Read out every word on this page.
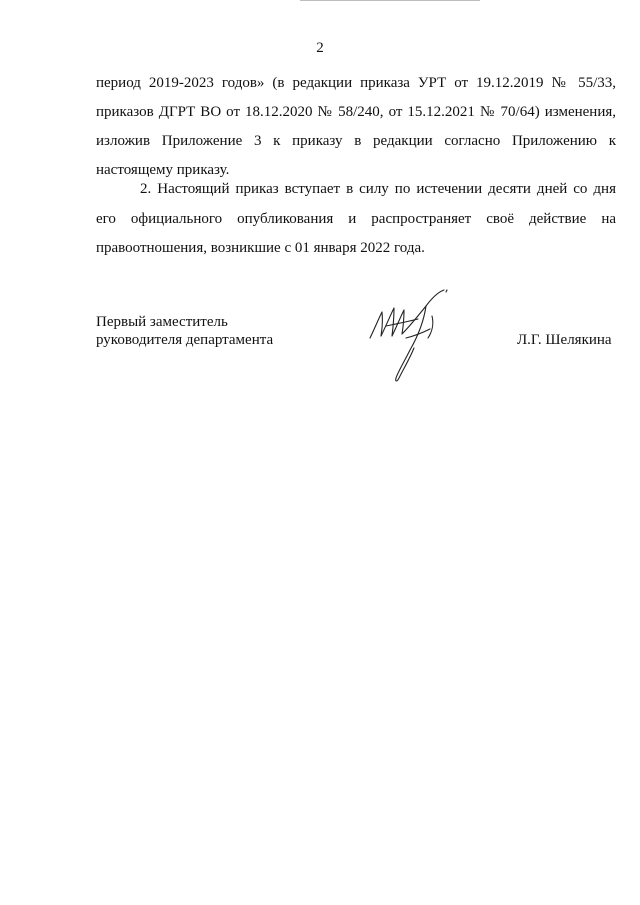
2
период 2019-2023 годов» (в редакции приказа УРТ от 19.12.2019 № 55/33,
приказов ДГРТ ВО от 18.12.2020 № 58/240, от 15.12.2021 № 70/64) изменения,
изложив Приложение 3 к приказу в редакции согласно Приложению к
настоящему приказу.
2. Настоящий приказ вступает в силу по истечении десяти дней со дня
его официального опубликования и распространяет своё действие на
правоотношения, возникшие с 01 января 2022 года.
Первый заместитель
руководителя департамента	Л.Г. Шелякина
